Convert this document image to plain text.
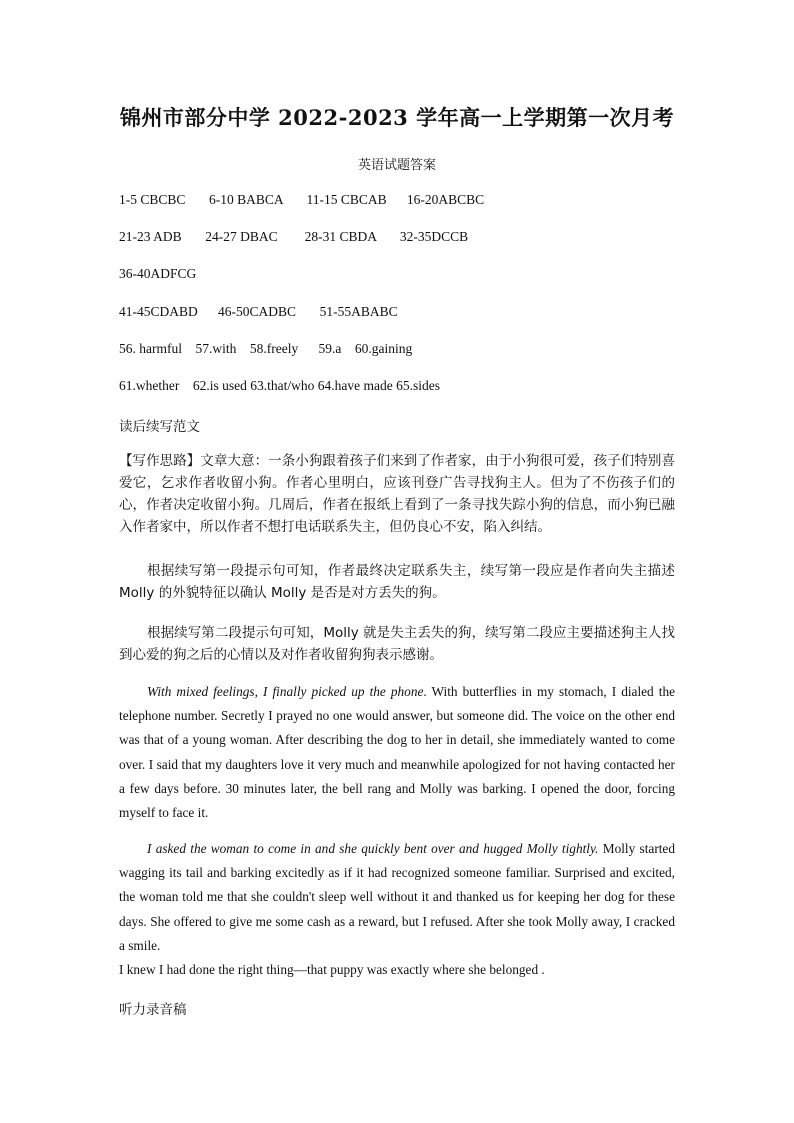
锦州市部分中学 2022-2023 学年高一上学期第一次月考
英语试题答案
1-5 CBCBC       6-10 BABCA       11-15 CBCAB      16-20ABCBC
21-23 ADB       24-27 DBAC        28-31 CBDA       32-35DCCB
36-40ADFCG
41-45CDABD      46-50CADBC       51-55ABABC
56. harmful    57.with    58.freely      59.a    60.gaining
61.whether    62.is used 63.that/who 64.have made 65.sides
读后续写范文
【写作思路】文章大意：一条小狗跟着孩子们来到了作者家，由于小狗很可爱，孩子们特别喜爱它，乞求作者收留小狗。作者心里明白，应该刊登广告寻找狗主人。但为了不伤孩子们的心，作者决定收留小狗。几周后，作者在报纸上看到了一条寻找失踪小狗的信息，而小狗已融入作者家中，所以作者不想打电话联系失主，但仍良心不安，陷入纠结。
根据续写第一段提示句可知，作者最终决定联系失主，续写第一段应是作者向失主描述 Molly 的外貌特征以确认 Molly 是否是对方丢失的狗。
根据续写第二段提示句可知，Molly 就是失主丢失的狗，续写第二段应主要描述狗主人找到心爱的狗之后的心情以及对作者收留狗狗表示感谢。
With mixed feelings, I finally picked up the phone. With butterflies in my stomach, I dialed the telephone number. Secretly I prayed no one would answer, but someone did. The voice on the other end was that of a young woman. After describing the dog to her in detail, she immediately wanted to come over. I said that my daughters love it very much and meanwhile apologized for not having contacted her a few days before. 30 minutes later, the bell rang and Molly was barking. I opened the door, forcing myself to face it.
I asked the woman to come in and she quickly bent over and hugged Molly tightly. Molly started wagging its tail and barking excitedly as if it had recognized someone familiar. Surprised and excited, the woman told me that she couldn't sleep well without it and thanked us for keeping her dog for these days. She offered to give me some cash as a reward, but I refused. After she took Molly away, I cracked a smile.
I knew I had done the right thing—that puppy was exactly where she belonged .
听力录音稿
